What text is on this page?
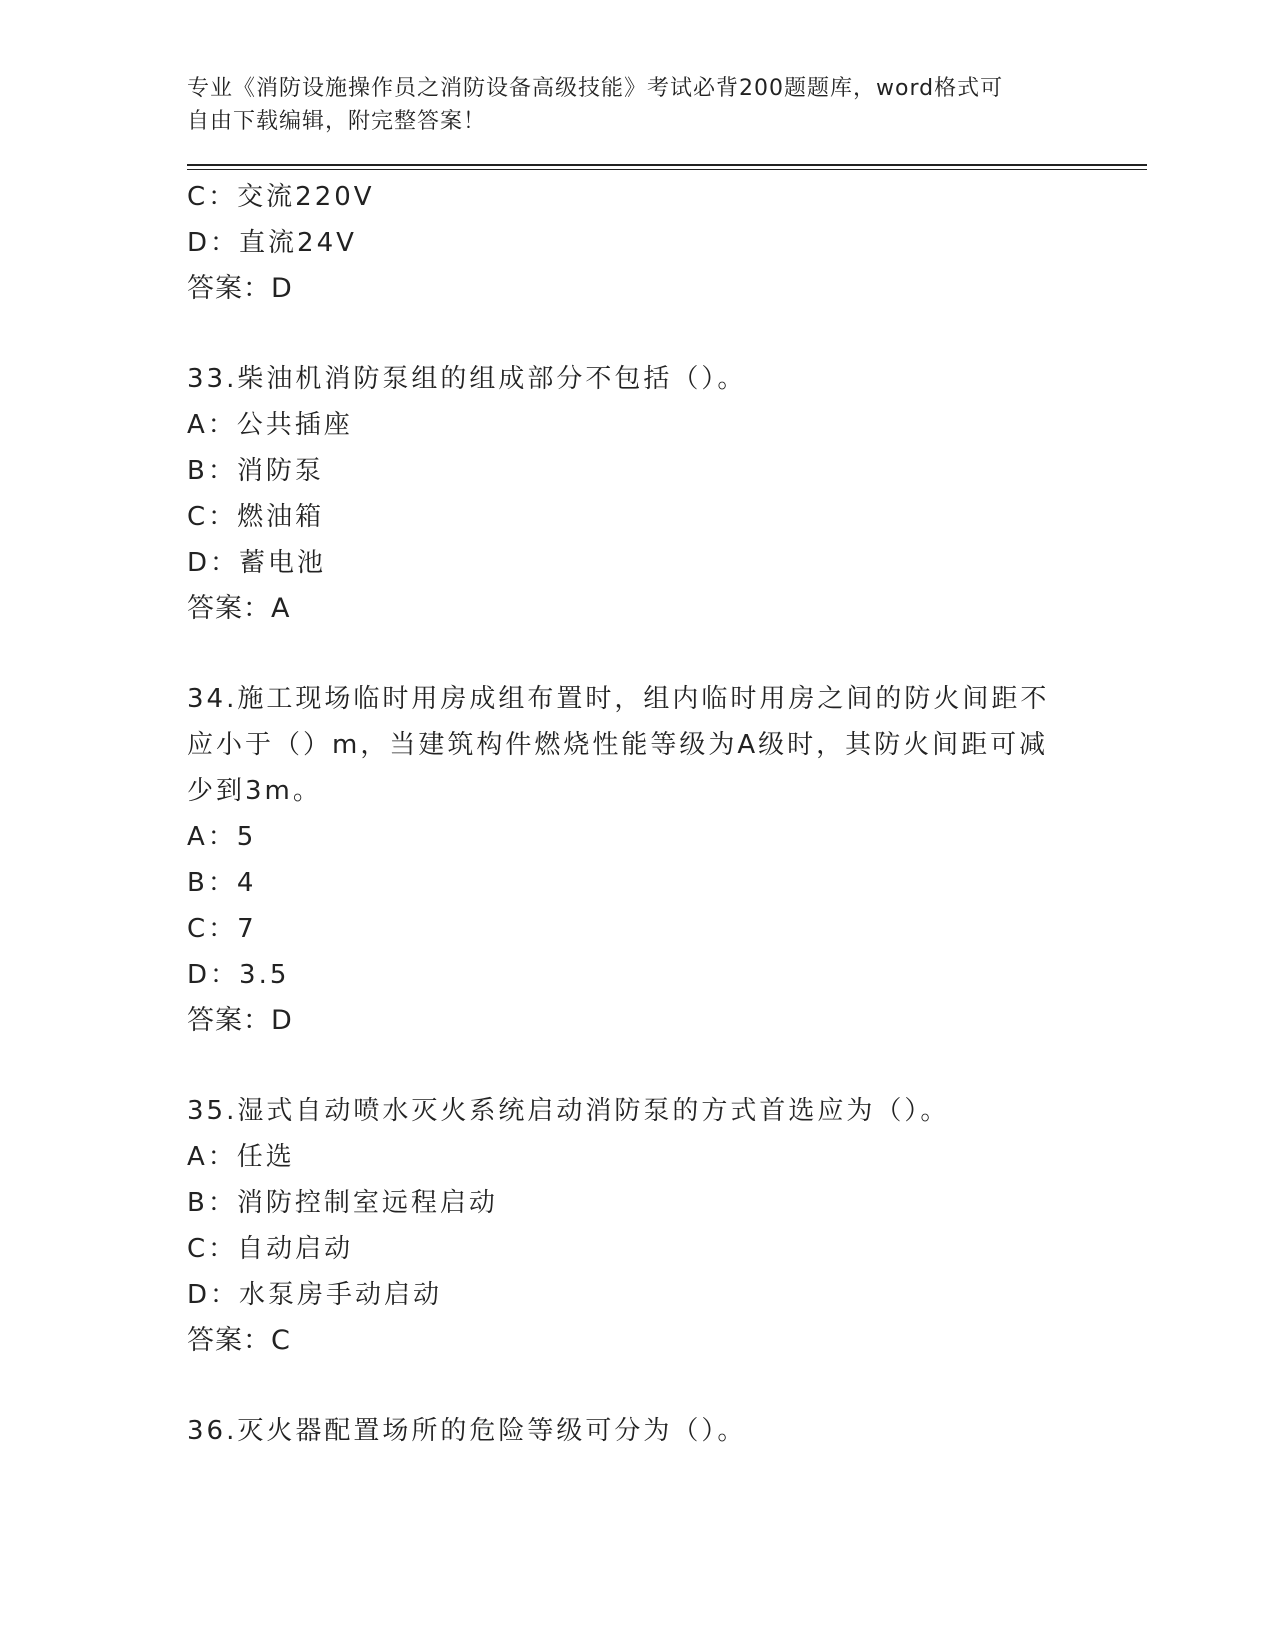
专业《消防设施操作员之消防设备高级技能》考试必背200题题库，word格式可
自由下载编辑，附完整答案！
C：交流220V
D：直流24V
答案：D
33.柴油机消防泵组的组成部分不包括（）。
A：公共插座
B：消防泵
C：燃油箱
D：蓄电池
答案：A
34.施工现场临时用房成组布置时，组内临时用房之间的防火间距不应小于（）m，当建筑构件燃烧性能等级为A级时，其防火间距可减少到3m。
A：5
B：4
C：7
D：3.5
答案：D
35.湿式自动喷水灭火系统启动消防泵的方式首选应为（）。
A：任选
B：消防控制室远程启动
C：自动启动
D：水泵房手动启动
答案：C
36.灭火器配置场所的危险等级可分为（）。
